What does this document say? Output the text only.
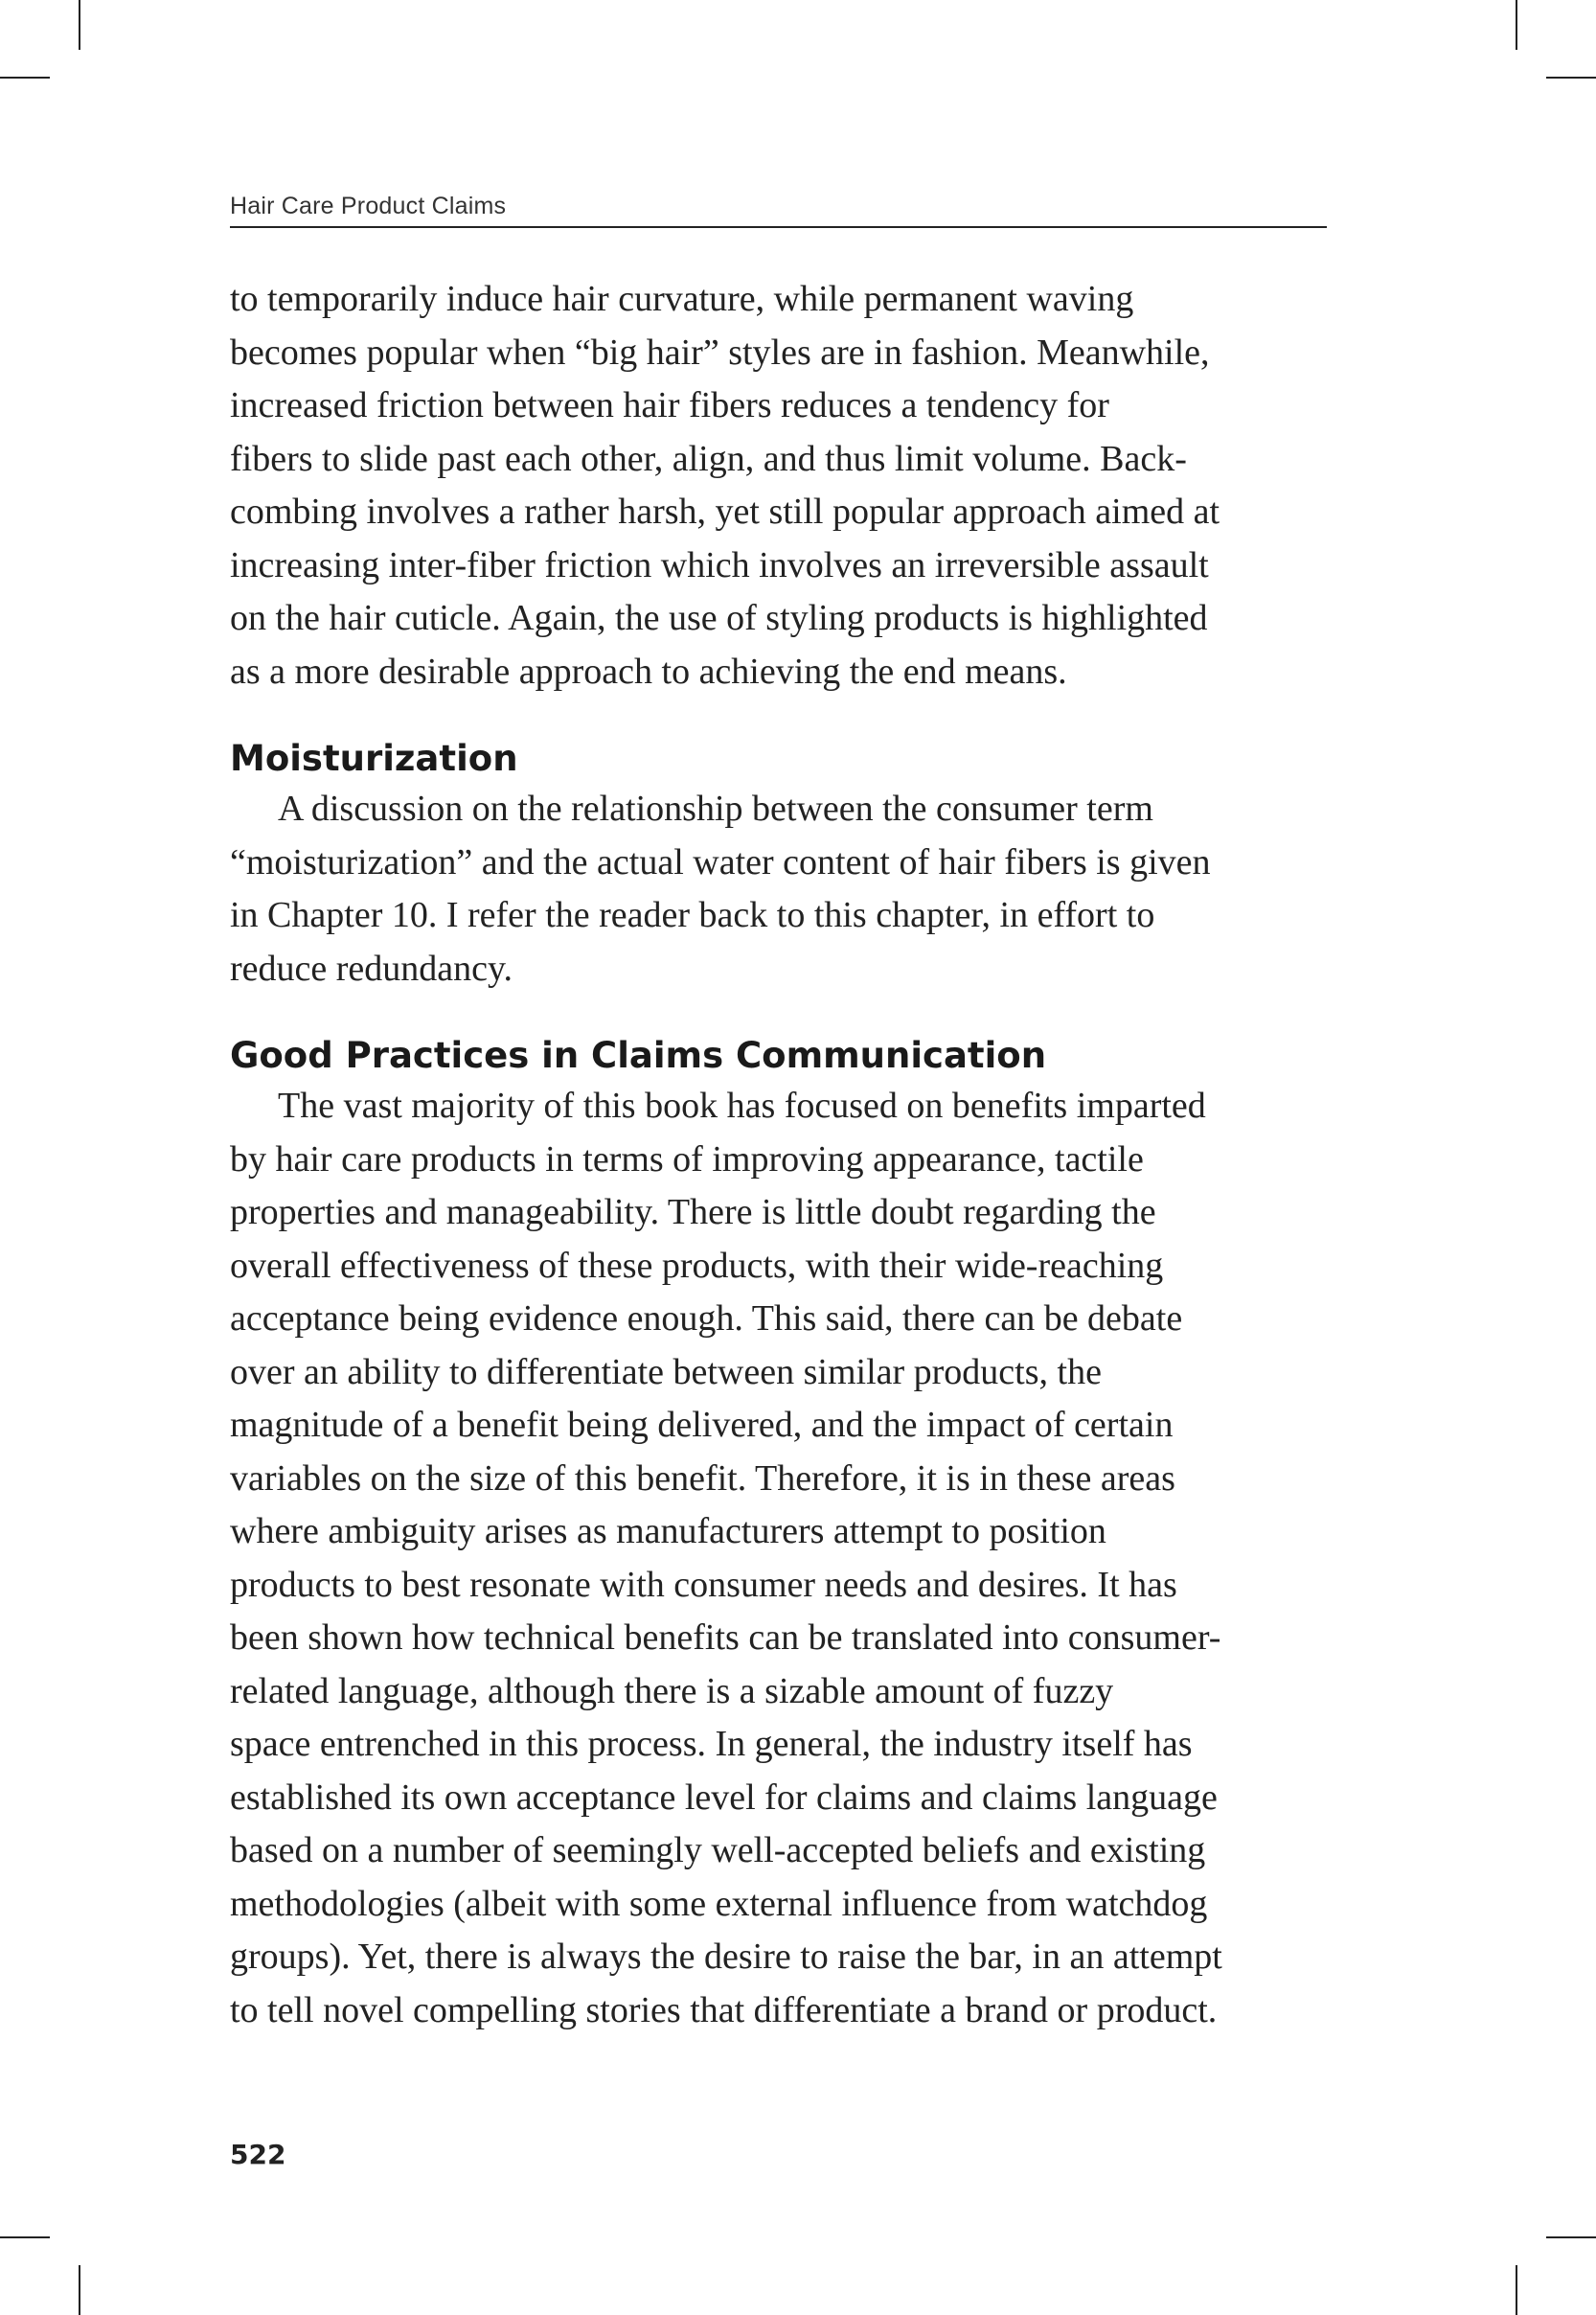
Hair Care Product Claims

to temporarily induce hair curvature, while permanent waving
becomes popular when “big hair” styles are in fashion. Meanwhile,
increased friction between hair fibers reduces a tendency for
fibers to slide past each other, align, and thus limit volume. Back-
combing involves a rather harsh, yet still popular approach aimed at
increasing inter-fiber friction which involves an irreversible assault
on the hair cuticle. Again, the use of styling products is highlighted
as a more desirable approach to achieving the end means.

Moisturization

A discussion on the relationship between the consumer term
“moisturization” and the actual water content of hair fibers is given
in Chapter 10. I refer the reader back to this chapter, in effort to
reduce redundancy.

Good Practices in Claims Communication

The vast majority of this book has focused on benefits imparted
by hair care products in terms of improving appearance, tactile
properties and manageability. There is little doubt regarding the
overall effectiveness of these products, with their wide-reaching
acceptance being evidence enough. This said, there can be debate
over an ability to differentiate between similar products, the
magnitude of a benefit being delivered, and the impact of certain
variables on the size of this benefit. Therefore, it is in these areas
where ambiguity arises as manufacturers attempt to position
products to best resonate with consumer needs and desires. It has
been shown how technical benefits can be translated into consumer-
related language, although there is a sizable amount of fuzzy
space entrenched in this process. In general, the industry itself has
established its own acceptance level for claims and claims language
based on a number of seemingly well-accepted beliefs and existing
methodologies (albeit with some external influence from watchdog
groups). Yet, there is always the desire to raise the bar, in an attempt
to tell novel compelling stories that differentiate a brand or product.

522
